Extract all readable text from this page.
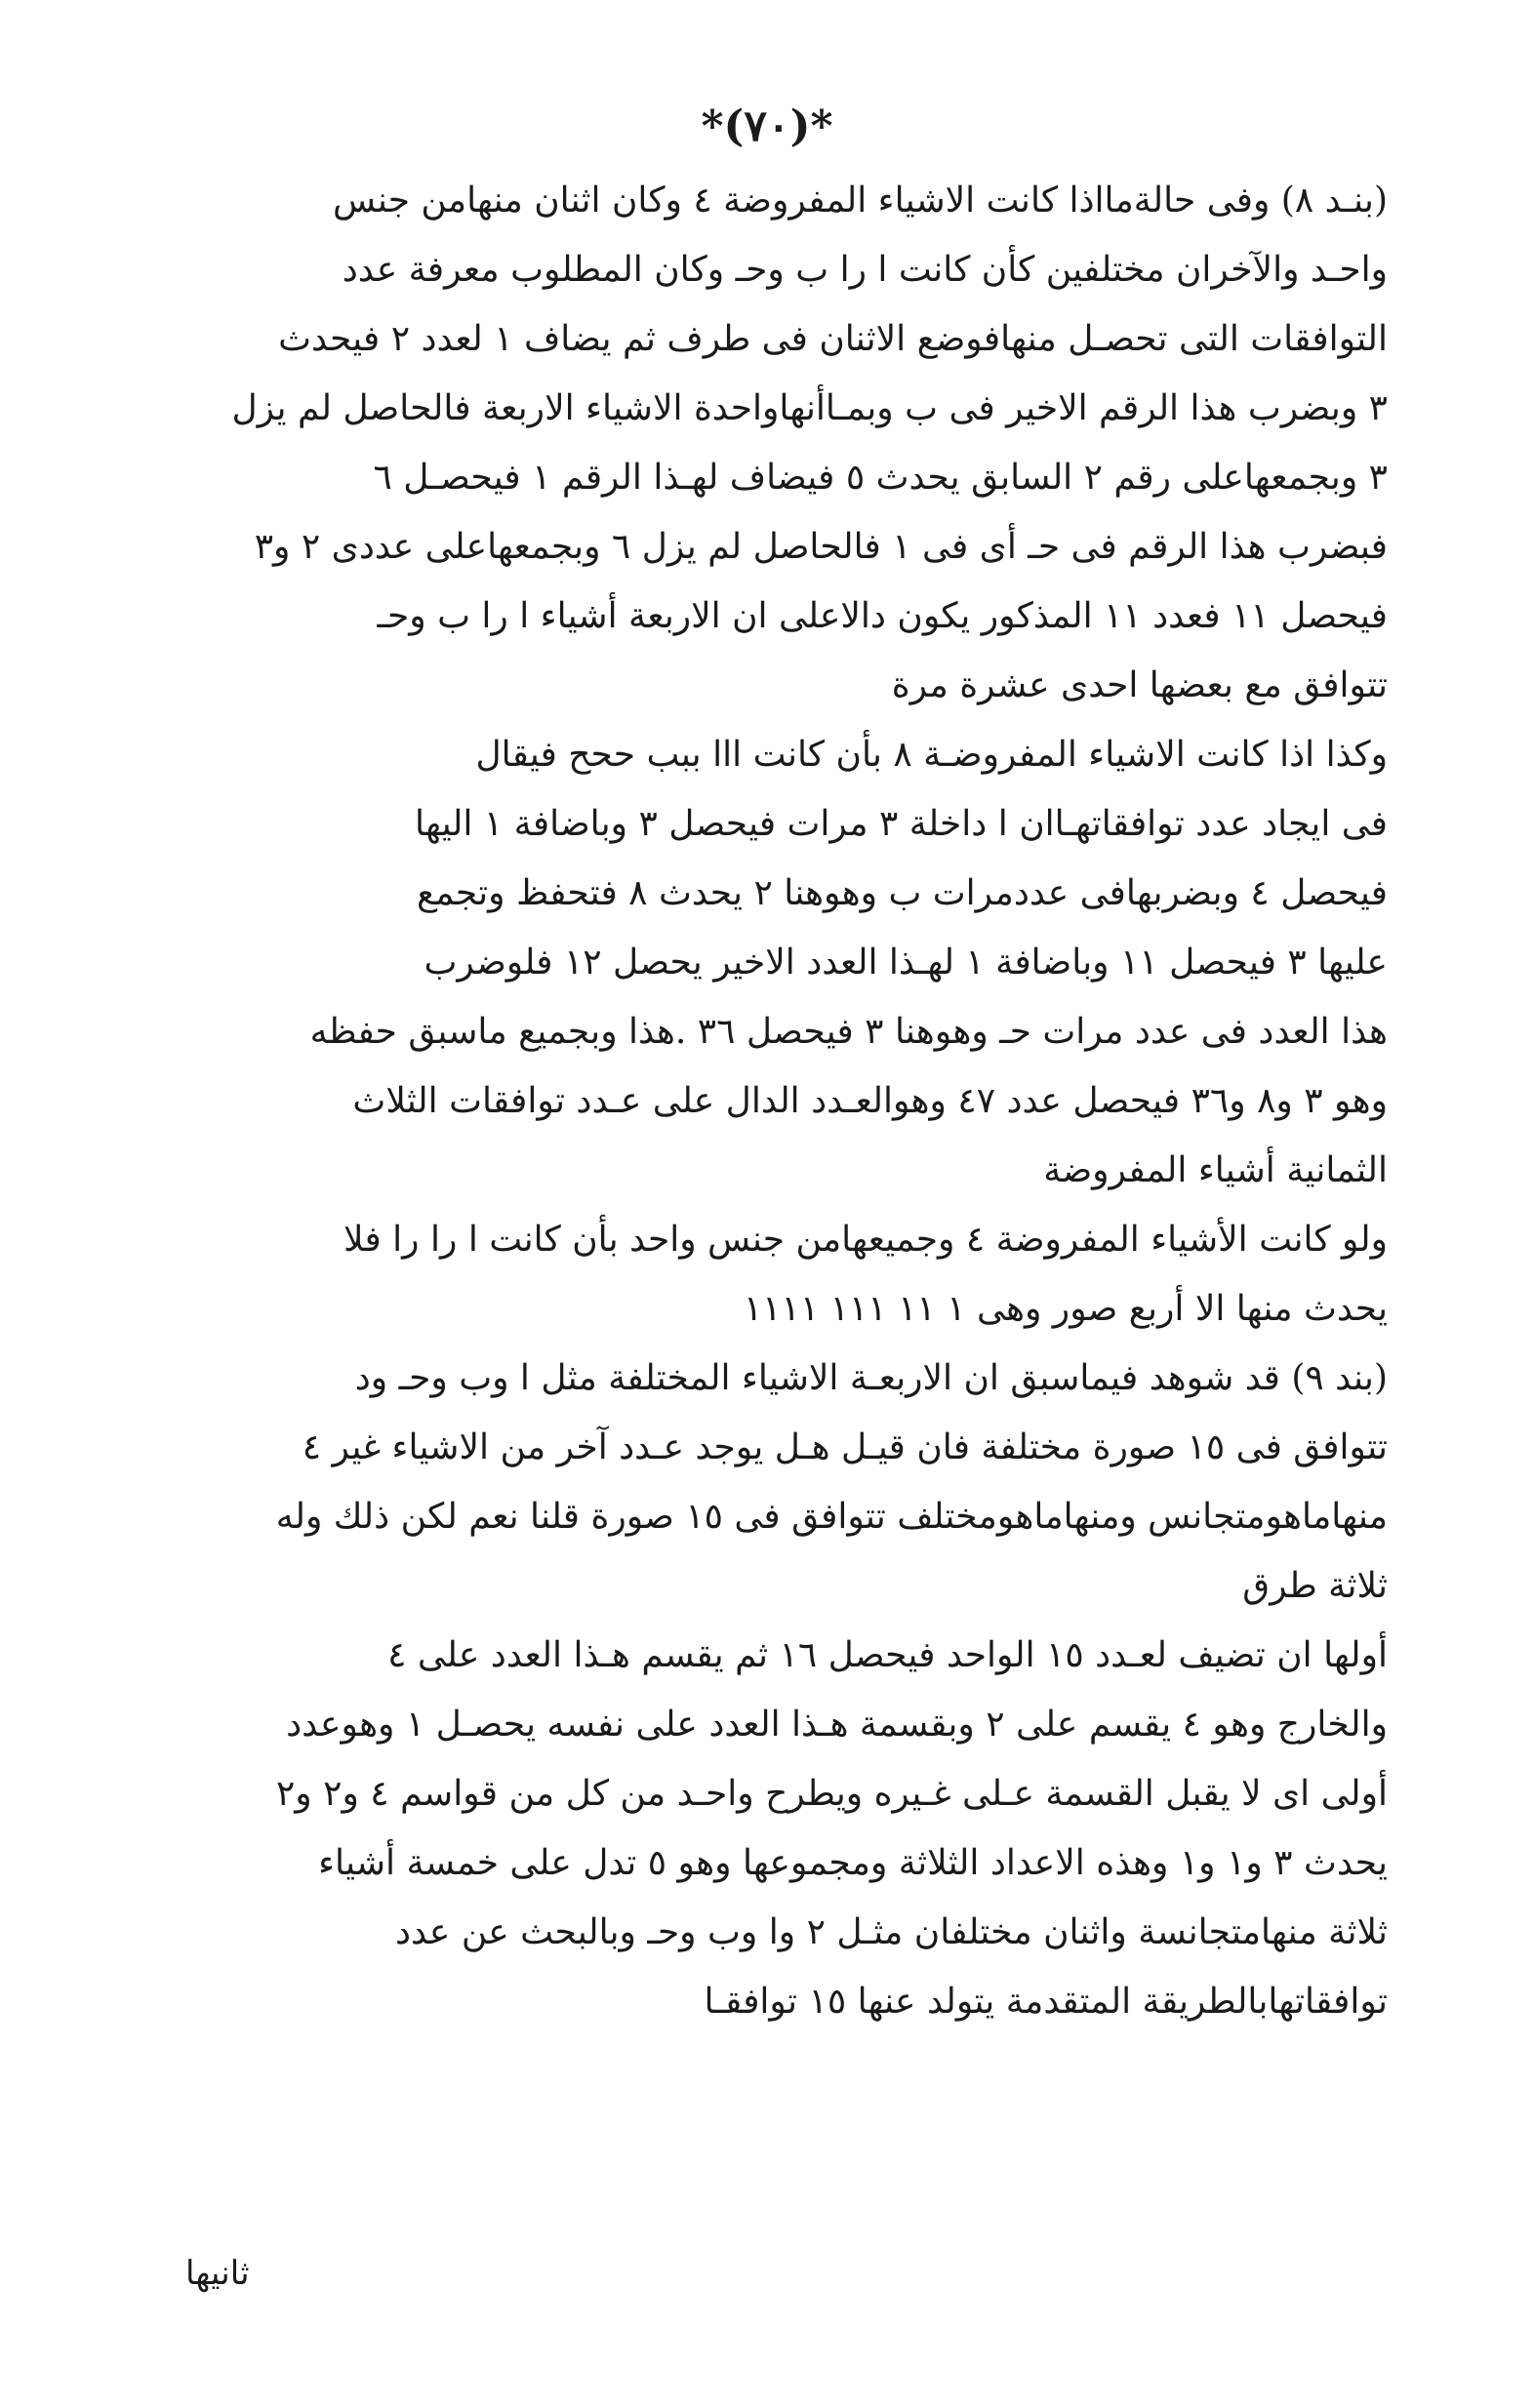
*(٧٠)*
(بنـد ٨) وفى حالةمااذا كانت الاشياء المفروضة ٤ وكان اثنان منهامن جنس
واحـد والآخران مختلفين كأن كانت ا را ب وحـ وكان المطلوب معرفة عدد
التوافقات التى تحصـل منهافوضع الاثنان فى طرف ثم يضاف ١ لعدد ٢ فيحدث
٣ وبضرب هذا الرقم الاخير فى ب وبمـاأنهاواحدة الاشياء الاربعة فالحاصل لم يزل
٣ وبجمعهاعلى رقم ٢ السابق يحدث ٥ فيضاف لهـذا الرقم ١ فيحصـل ٦
فبضرب هذا الرقم فى حـ أى فى ١ فالحاصل لم يزل ٦ وبجمعهاعلى عددى ٢ و٣
فيحصل ١١ فعدد ١١ المذكور يكون دالاعلى ان الاربعة أشياء ا را ب وحـ
تتوافق مع بعضها احدى عشرة مرة
وكذا اذا كانت الاشياء المفروضـة ٨ بأن كانت ااا ببب ححح فيقال
فى ايجاد عدد توافقاتهـاان ا داخلة ٣ مرات فيحصل ٣ وباضافة ١ اليها
فيحصل ٤ وبضربهافى عددمرات ب وهوهنا ٢ يحدث ٨ فتحفظ وتجمع
عليها ٣ فيحصل ١١ وباضافة ١ لهـذا العدد الاخير يحصل ١٢ فلوضرب
هذا العدد فى عدد مرات حـ وهوهنا ٣ فيحصل ٣٦ .هذا وبجميع ماسبق حفظه
وهو ٣ و٨ و٣٦ فيحصل عدد ٤٧ وهوالعـدد الدال على عـدد توافقات الثلاث
الثمانية أشياء المفروضة
ولو كانت الأشياء المفروضة ٤ وجميعهامن جنس واحد بأن كانت ا را را فلا
يحدث منها الا أربع صور وهى ١ ١١ ١١١ ١١١١
(بند ٩) قد شوهد فيماسبق ان الاربعـة الاشياء المختلفة مثل ا وب وحـ ود
تتوافق فى ١٥ صورة مختلفة فان قيـل هـل يوجد عـدد آخر من الاشياء غير ٤
منهاماهومتجانس ومنهاماهومختلف تتوافق فى ١٥ صورة قلنا نعم لكن ذلك وله
ثلاثة طرق
أولها ان تضيف لعـدد ١٥ الواحد فيحصل ١٦ ثم يقسم هـذا العدد على ٤
والخارج وهو ٤ يقسم على ٢ وبقسمة هـذا العدد على نفسه يحصـل ١ وهوعدد
أولى اى لا يقبل القسمة عـلى غـيره ويطرح واحـد من كل من قواسم ٤ و٢ و٢
يحدث ٣ و١ و١ وهذه الاعداد الثلاثة ومجموعها وهو ٥ تدل على خمسة أشياء
ثلاثة منهامتجانسة واثنان مختلفان مثـل ٢ وا وب وحـ وبالبحث عن عدد
توافقاتهابالطريقة المتقدمة يتولد عنها ١٥ توافقـا
ثانيها
